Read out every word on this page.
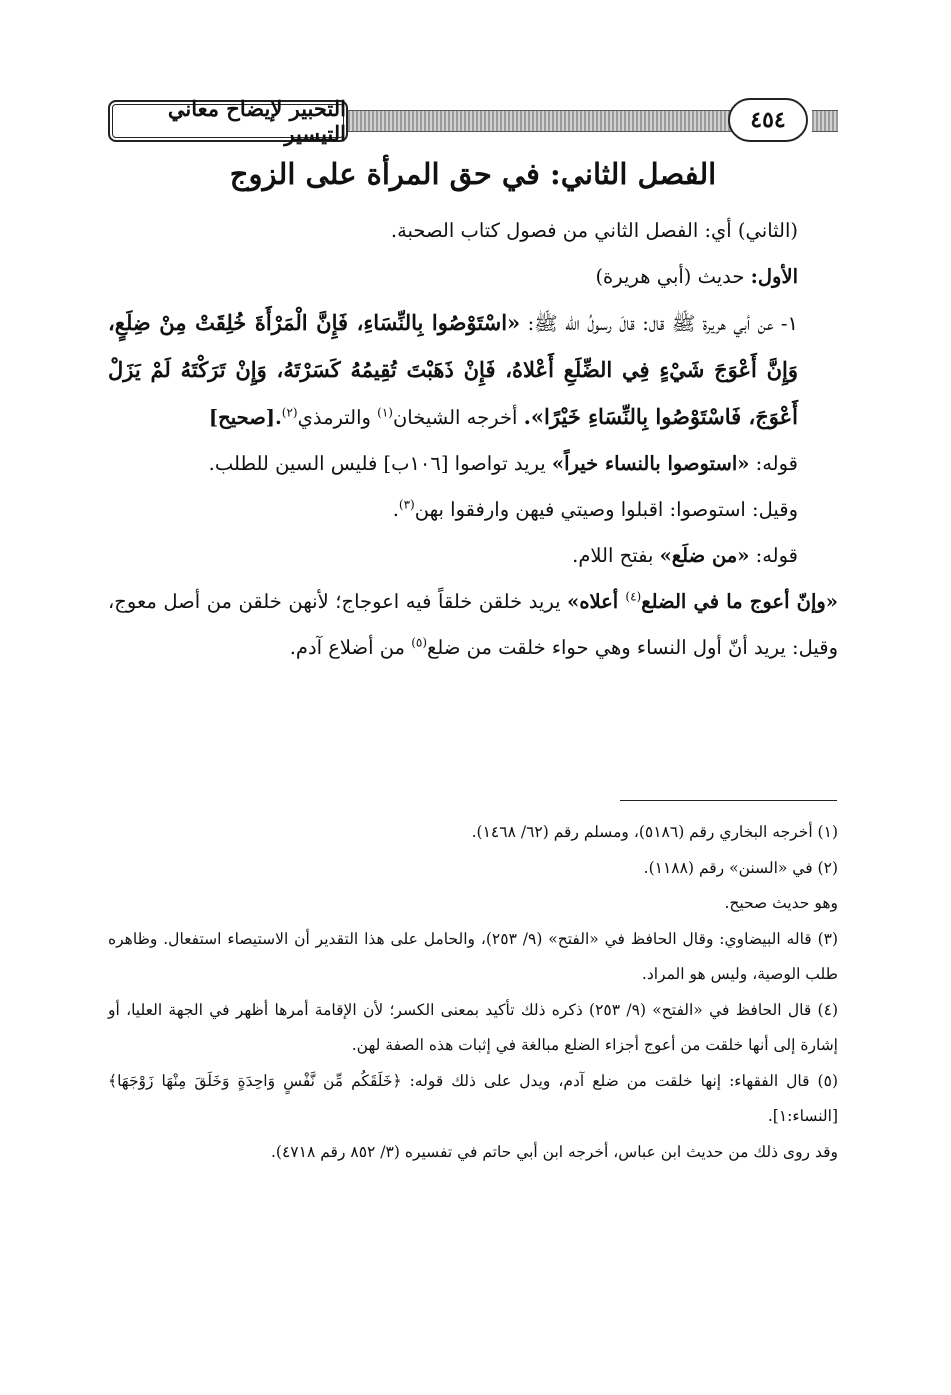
التحبير لإيضاح معاني التيسير
٤٥٤
الفصل الثاني: في حق المرأة على الزوج

(الثاني) أي: الفصل الثاني من فصول كتاب الصحبة.

الأول: حديث (أبي هريرة)

١- عن أبي هريرة ﷺ قال: قالَ رسولُ الله ﷺ: «اسْتَوْصُوا بِالنِّسَاءِ، فَإِنَّ الْمَرْأَةَ خُلِقَتْ مِنْ ضِلَعٍ، وَإِنَّ أَعْوَجَ شَيْءٍ فِي الضِّلَعِ أَعْلاهُ، فَإِنْ ذَهَبْتَ تُقِيمُهُ كَسَرْتَهُ، وَإِنْ تَرَكْتَهُ لَمْ يَزَلْ أَعْوَجَ، فَاسْتَوْصُوا بِالنِّسَاءِ خَيْرًا». أخرجه الشيخان$^{(١)}$ والترمذي$^{(٢)}$.[صحيح]

قوله: «استوصوا بالنساء خيراً» يريد تواصوا [١٠٦ب] فليس السين للطلب.

وقيل: استوصوا: اقبلوا وصيتي فيهن وارفقوا بهن$^{(٣)}$.

قوله: «من ضلَع» بفتح اللام.

«وإنّ أعوج ما في الضلع$^{(٤)}$ أعلاه» يريد خلقن خلقاً فيه اعوجاج؛ لأنهن خلقن من أصل معوج، وقيل: يريد أنّ أول النساء وهي حواء خلقت من ضلع$^{(٥)}$ من أضلاع آدم.

(١) أخرجه البخاري رقم (٥١٨٦)، ومسلم رقم (٦٢/ ١٤٦٨).

(٢) في «السنن» رقم (١١٨٨).

وهو حديث صحيح.

(٣) قاله البيضاوي: وقال الحافظ في «الفتح» (٩/ ٢٥٣)، والحامل على هذا التقدير أن الاستيصاء استفعال. وظاهره طلب الوصية، وليس هو المراد.

(٤) قال الحافظ في «الفتح» (٩/ ٢٥٣) ذكره ذلك تأكيد بمعنى الكسر؛ لأن الإقامة أمرها أظهر في الجهة العليا، أو إشارة إلى أنها خلقت من أعوج أجزاء الضلع مبالغة في إثبات هذه الصفة لهن.

(٥) قال الفقهاء: إنها خلقت من ضلع آدم، ويدل على ذلك قوله: ﴿خَلَقَكُم مِّن نَّفْسٍ وَاحِدَةٍ وَخَلَقَ مِنْهَا زَوْجَهَا﴾[النساء:١].

وقد روى ذلك من حديث ابن عباس، أخرجه ابن أبي حاتم في تفسيره (٣/ ٨٥٢ رقم ٤٧١٨).
